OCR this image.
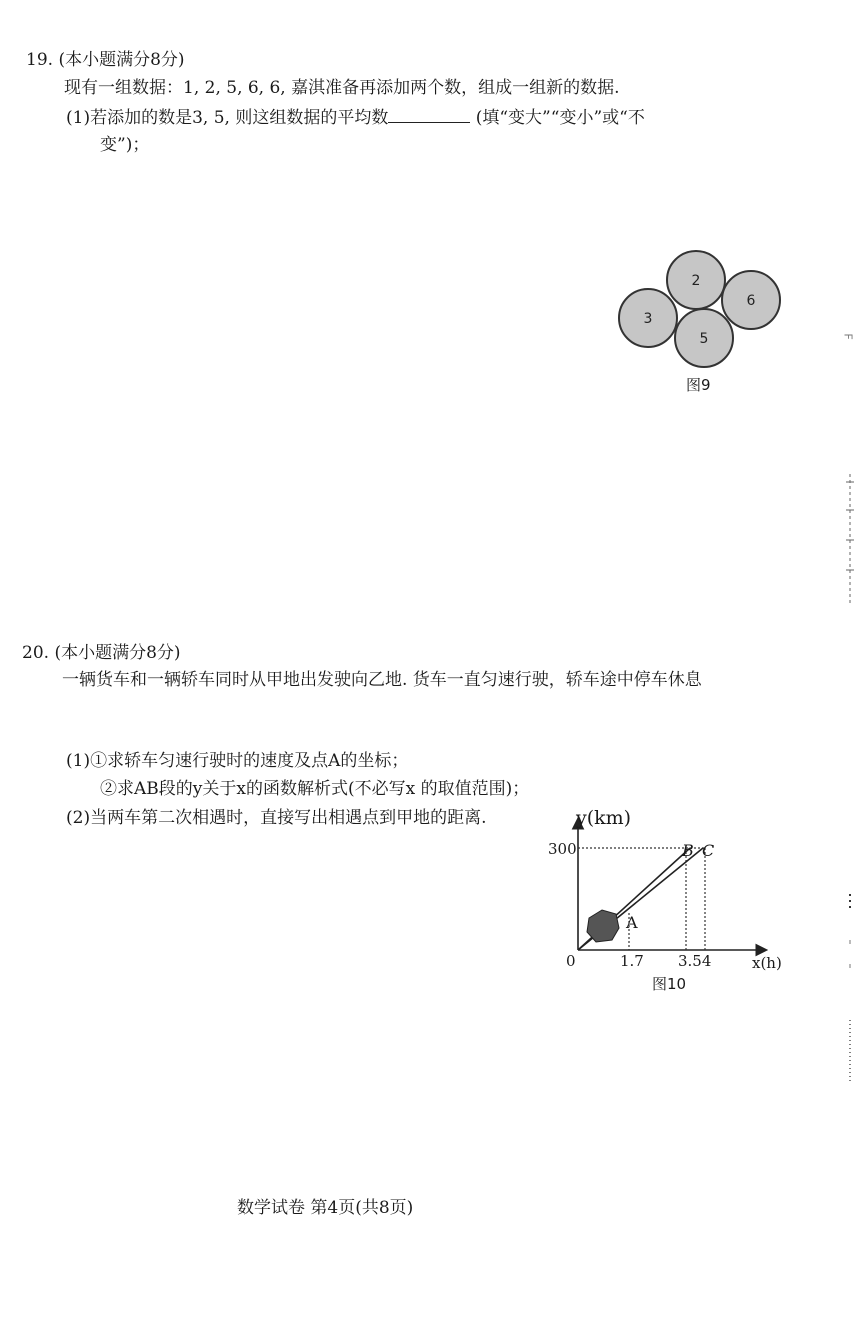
19. (本小题满分8分)
现有一组数据：1, 2, 5, 6, 6, 嘉淇准备再添加两个数，组成一组新的数据.
(1)若添加的数是3, 5, 则这组数据的平均数	(填“变大”“变小”或“不
变”)；
2
6
3
5
图9
20. (本小题满分8分)
一辆货车和一辆轿车同时从甲地出发驶向乙地. 货车一直匀速行驶，轿车途中停车休息
(1)①求轿车匀速行驶时的速度及点A的坐标；
②求AB段的y关于x的函数解析式(不必写x 的取值范围)；
(2)当两车第二次相遇时，直接写出相遇点到甲地的距离.	y(km)
x(h)
0
300
1.7 3.54
A
B C
图10
数学试卷 第4页(共8页)
F
